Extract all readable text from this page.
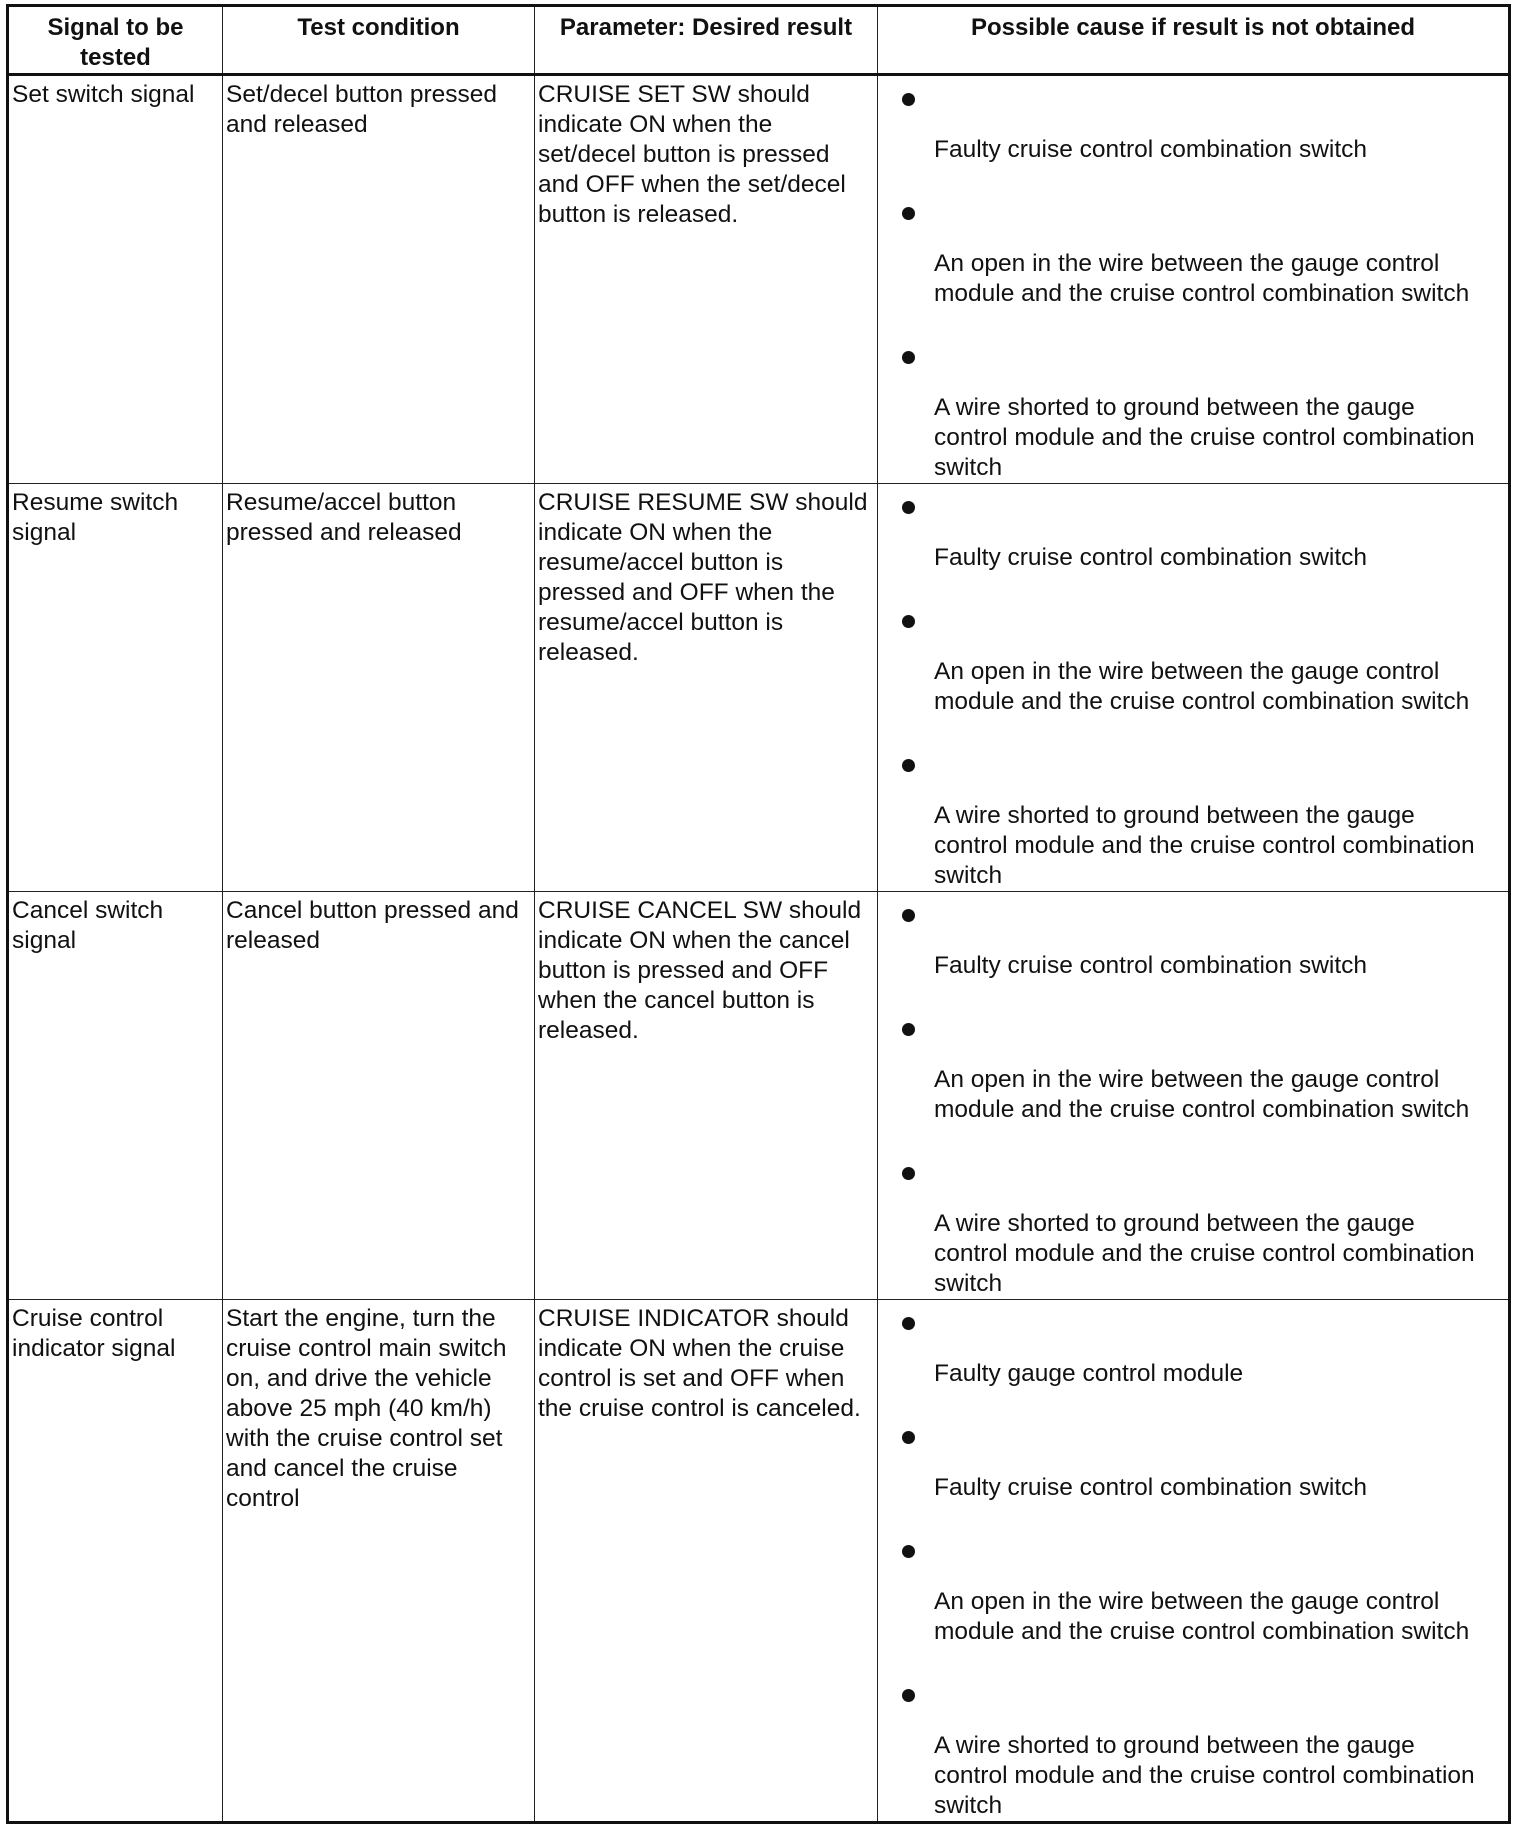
Signal to be tested	Test condition	Parameter: Desired result	Possible cause if result is not obtained
Set switch signal	Set/decel button pressed and released	CRUISE SET SW should indicate ON when the set/decel button is pressed and OFF when the set/decel button is released.	Faulty cruise control combination switch
An open in the wire between the gauge control module and the cruise control combination switch
A wire shorted to ground between the gauge control module and the cruise control combination switch

Resume switch signal	Resume/accel button pressed and released	CRUISE RESUME SW should indicate ON when the resume/accel button is pressed and OFF when the resume/accel button is released.	Faulty cruise control combination switch
An open in the wire between the gauge control module and the cruise control combination switch
A wire shorted to ground between the gauge control module and the cruise control combination switch

Cancel switch signal	Cancel button pressed and released	CRUISE CANCEL SW should indicate ON when the cancel button is pressed and OFF when the cancel button is released.	Faulty cruise control combination switch
An open in the wire between the gauge control module and the cruise control combination switch
A wire shorted to ground between the gauge control module and the cruise control combination switch

Cruise control indicator signal	Start the engine, turn the cruise control main switch on, and drive the vehicle above 25 mph (40 km/h) with the cruise control set and cancel the cruise control	CRUISE INDICATOR should indicate ON when the cruise control is set and OFF when the cruise control is canceled.	Faulty gauge control module
Faulty cruise control combination switch
An open in the wire between the gauge control module and the cruise control combination switch
A wire shorted to ground between the gauge control module and the cruise control combination switch
